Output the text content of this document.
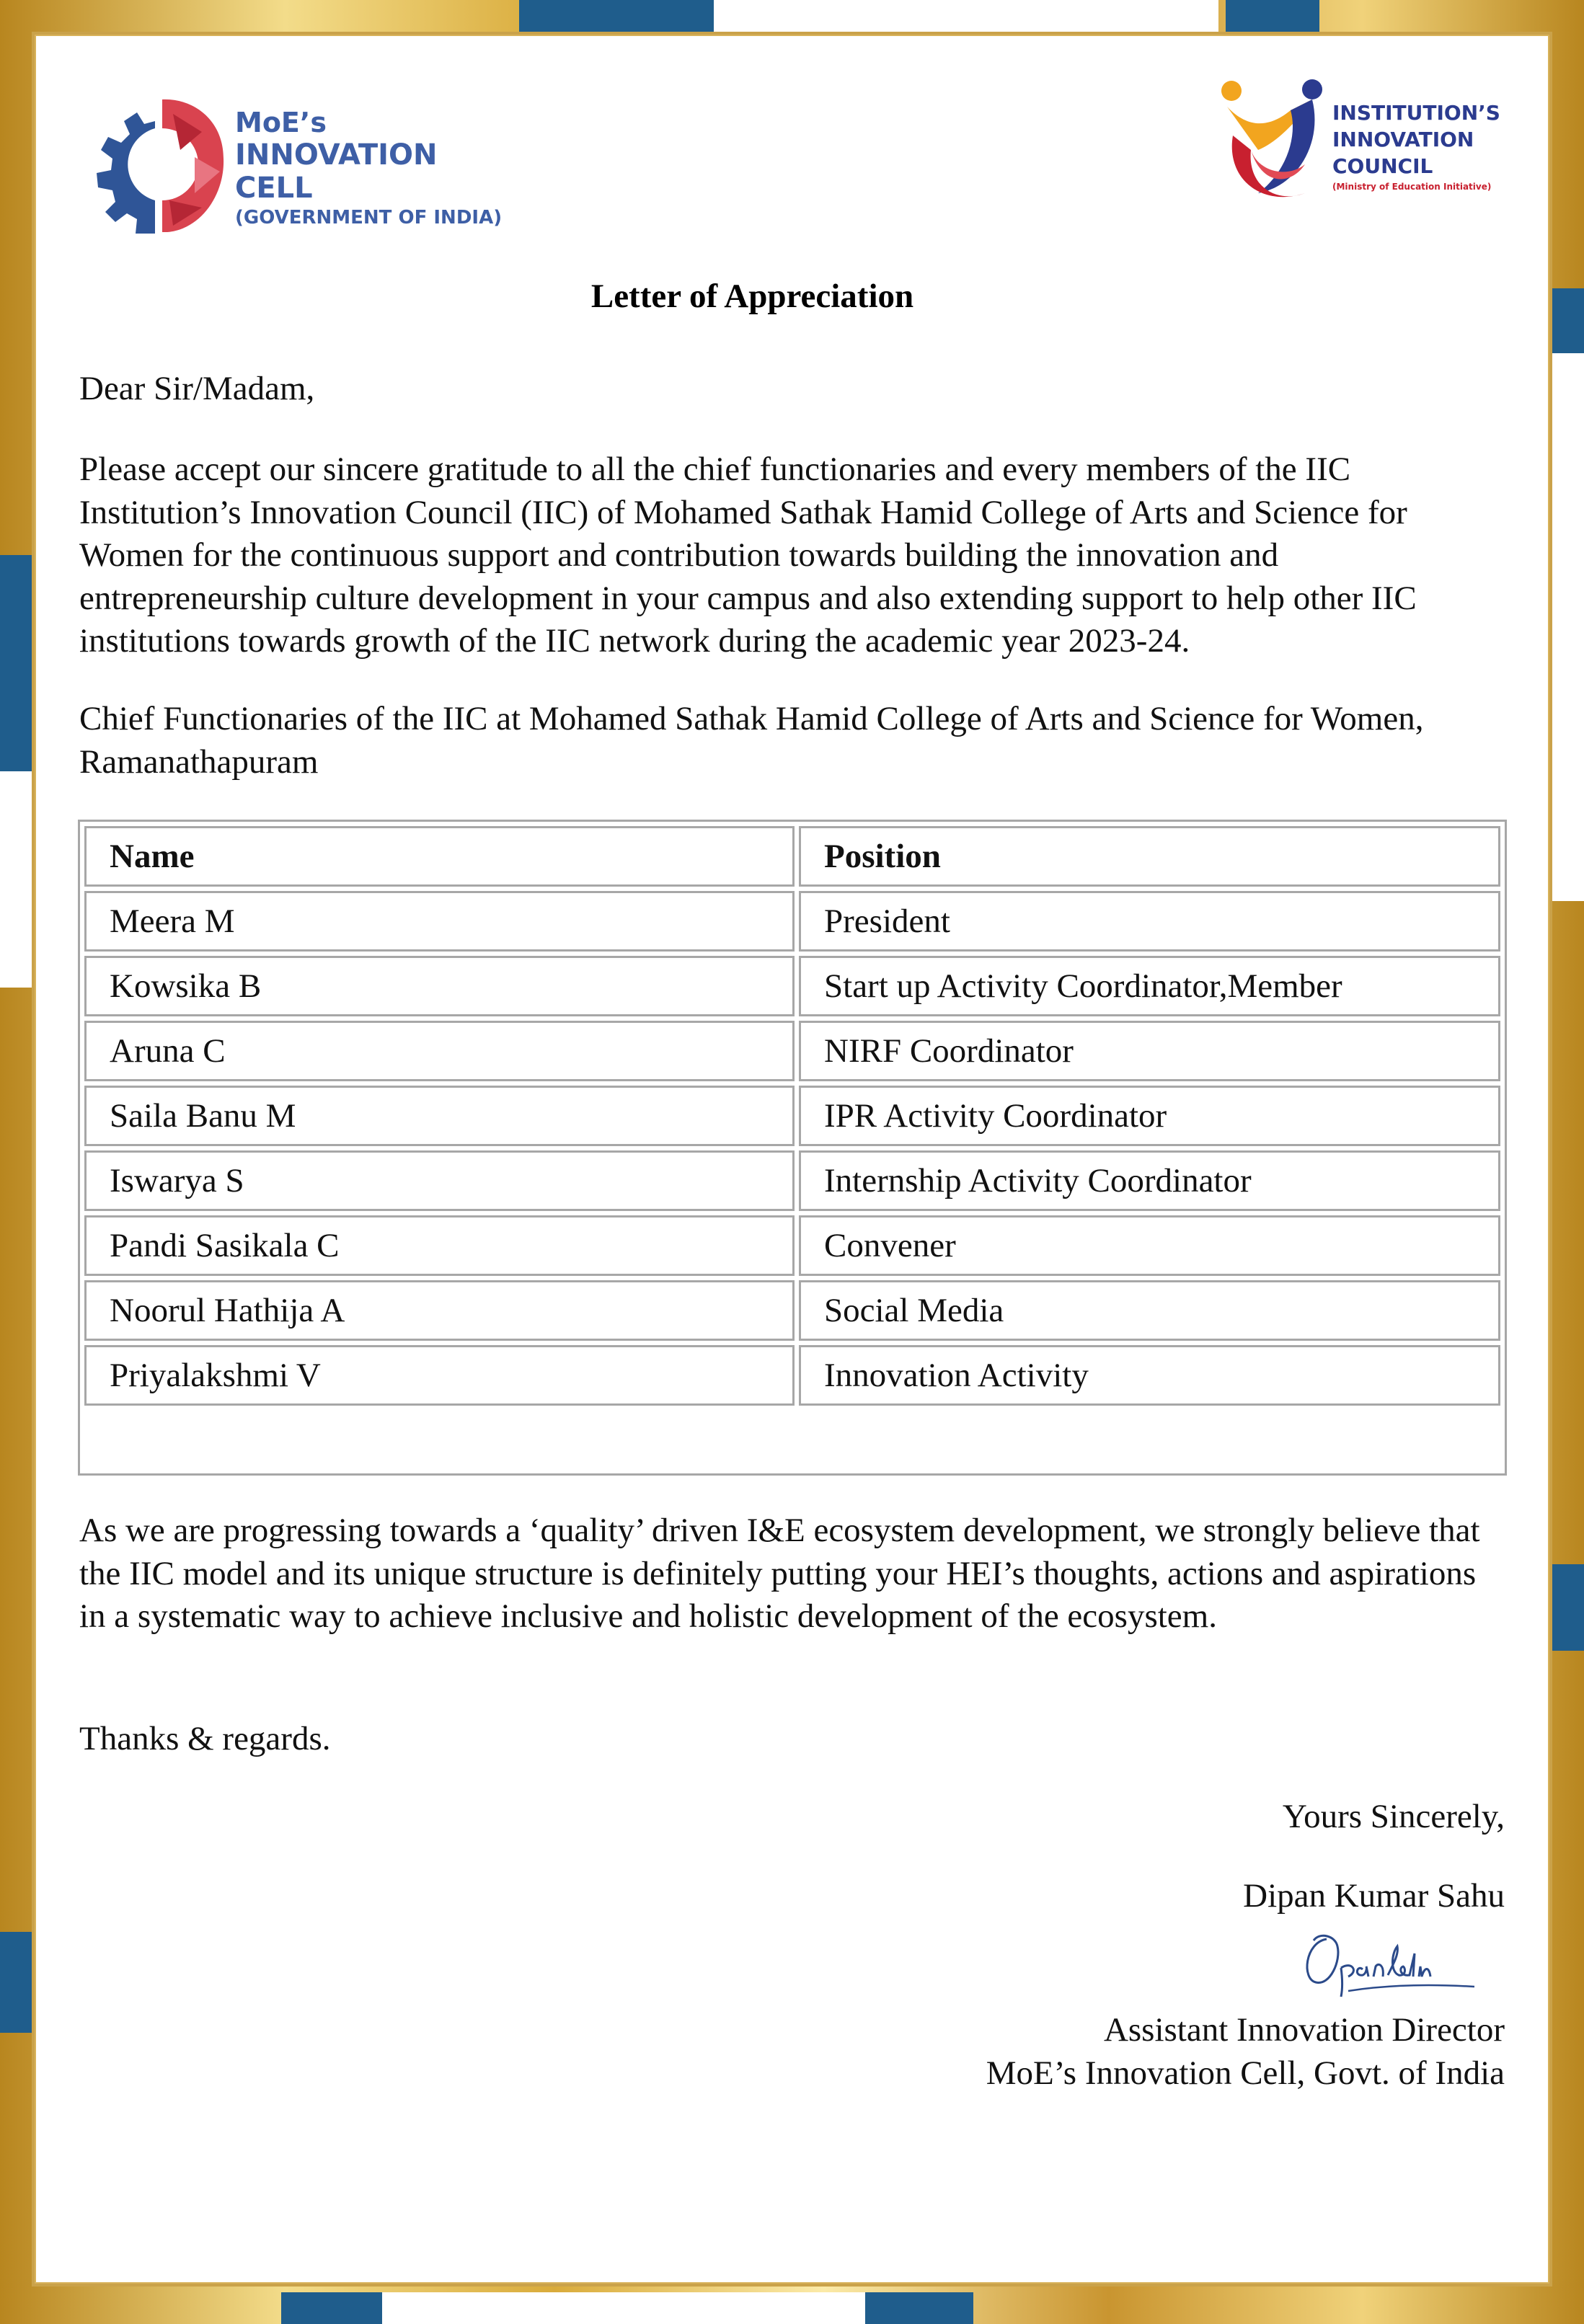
MoE’s
INNOVATION CELL
(GOVERNMENT OF INDIA)
INSTITUTION’S
INNOVATION
COUNCIL
(Ministry of Education Initiative)
Letter of Appreciation

Dear Sir/Madam,

Please accept our sincere gratitude to all the chief functionaries and every members of the IIC Institution’s Innovation Council (IIC) of Mohamed Sathak Hamid College of Arts and Science for Women for the continuous support and contribution towards building the innovation and entrepreneurship culture development in your campus and also extending support to help other IIC institutions towards growth of the IIC network during the academic year 2023-24.

Chief Functionaries of the IIC at Mohamed Sathak Hamid College of Arts and Science for Women, Ramanathapuram

Name	Position
Meera M	President
Kowsika B	Start up Activity Coordinator,Member
Aruna C	NIRF Coordinator
Saila Banu M	IPR Activity Coordinator
Iswarya S	Internship Activity Coordinator
Pandi Sasikala C	Convener
Noorul Hathija A	Social Media
Priyalakshmi V	Innovation Activity

As we are progressing towards a ‘quality’ driven I&E ecosystem development, we strongly believe that the IIC model and its unique structure is definitely putting your HEI’s thoughts, actions and aspirations in a systematic way to achieve inclusive and holistic development of the ecosystem.

Thanks & regards.

Yours Sincerely,
Dipan Kumar Sahu
Assistant Innovation Director
MoE’s Innovation Cell, Govt. of India
